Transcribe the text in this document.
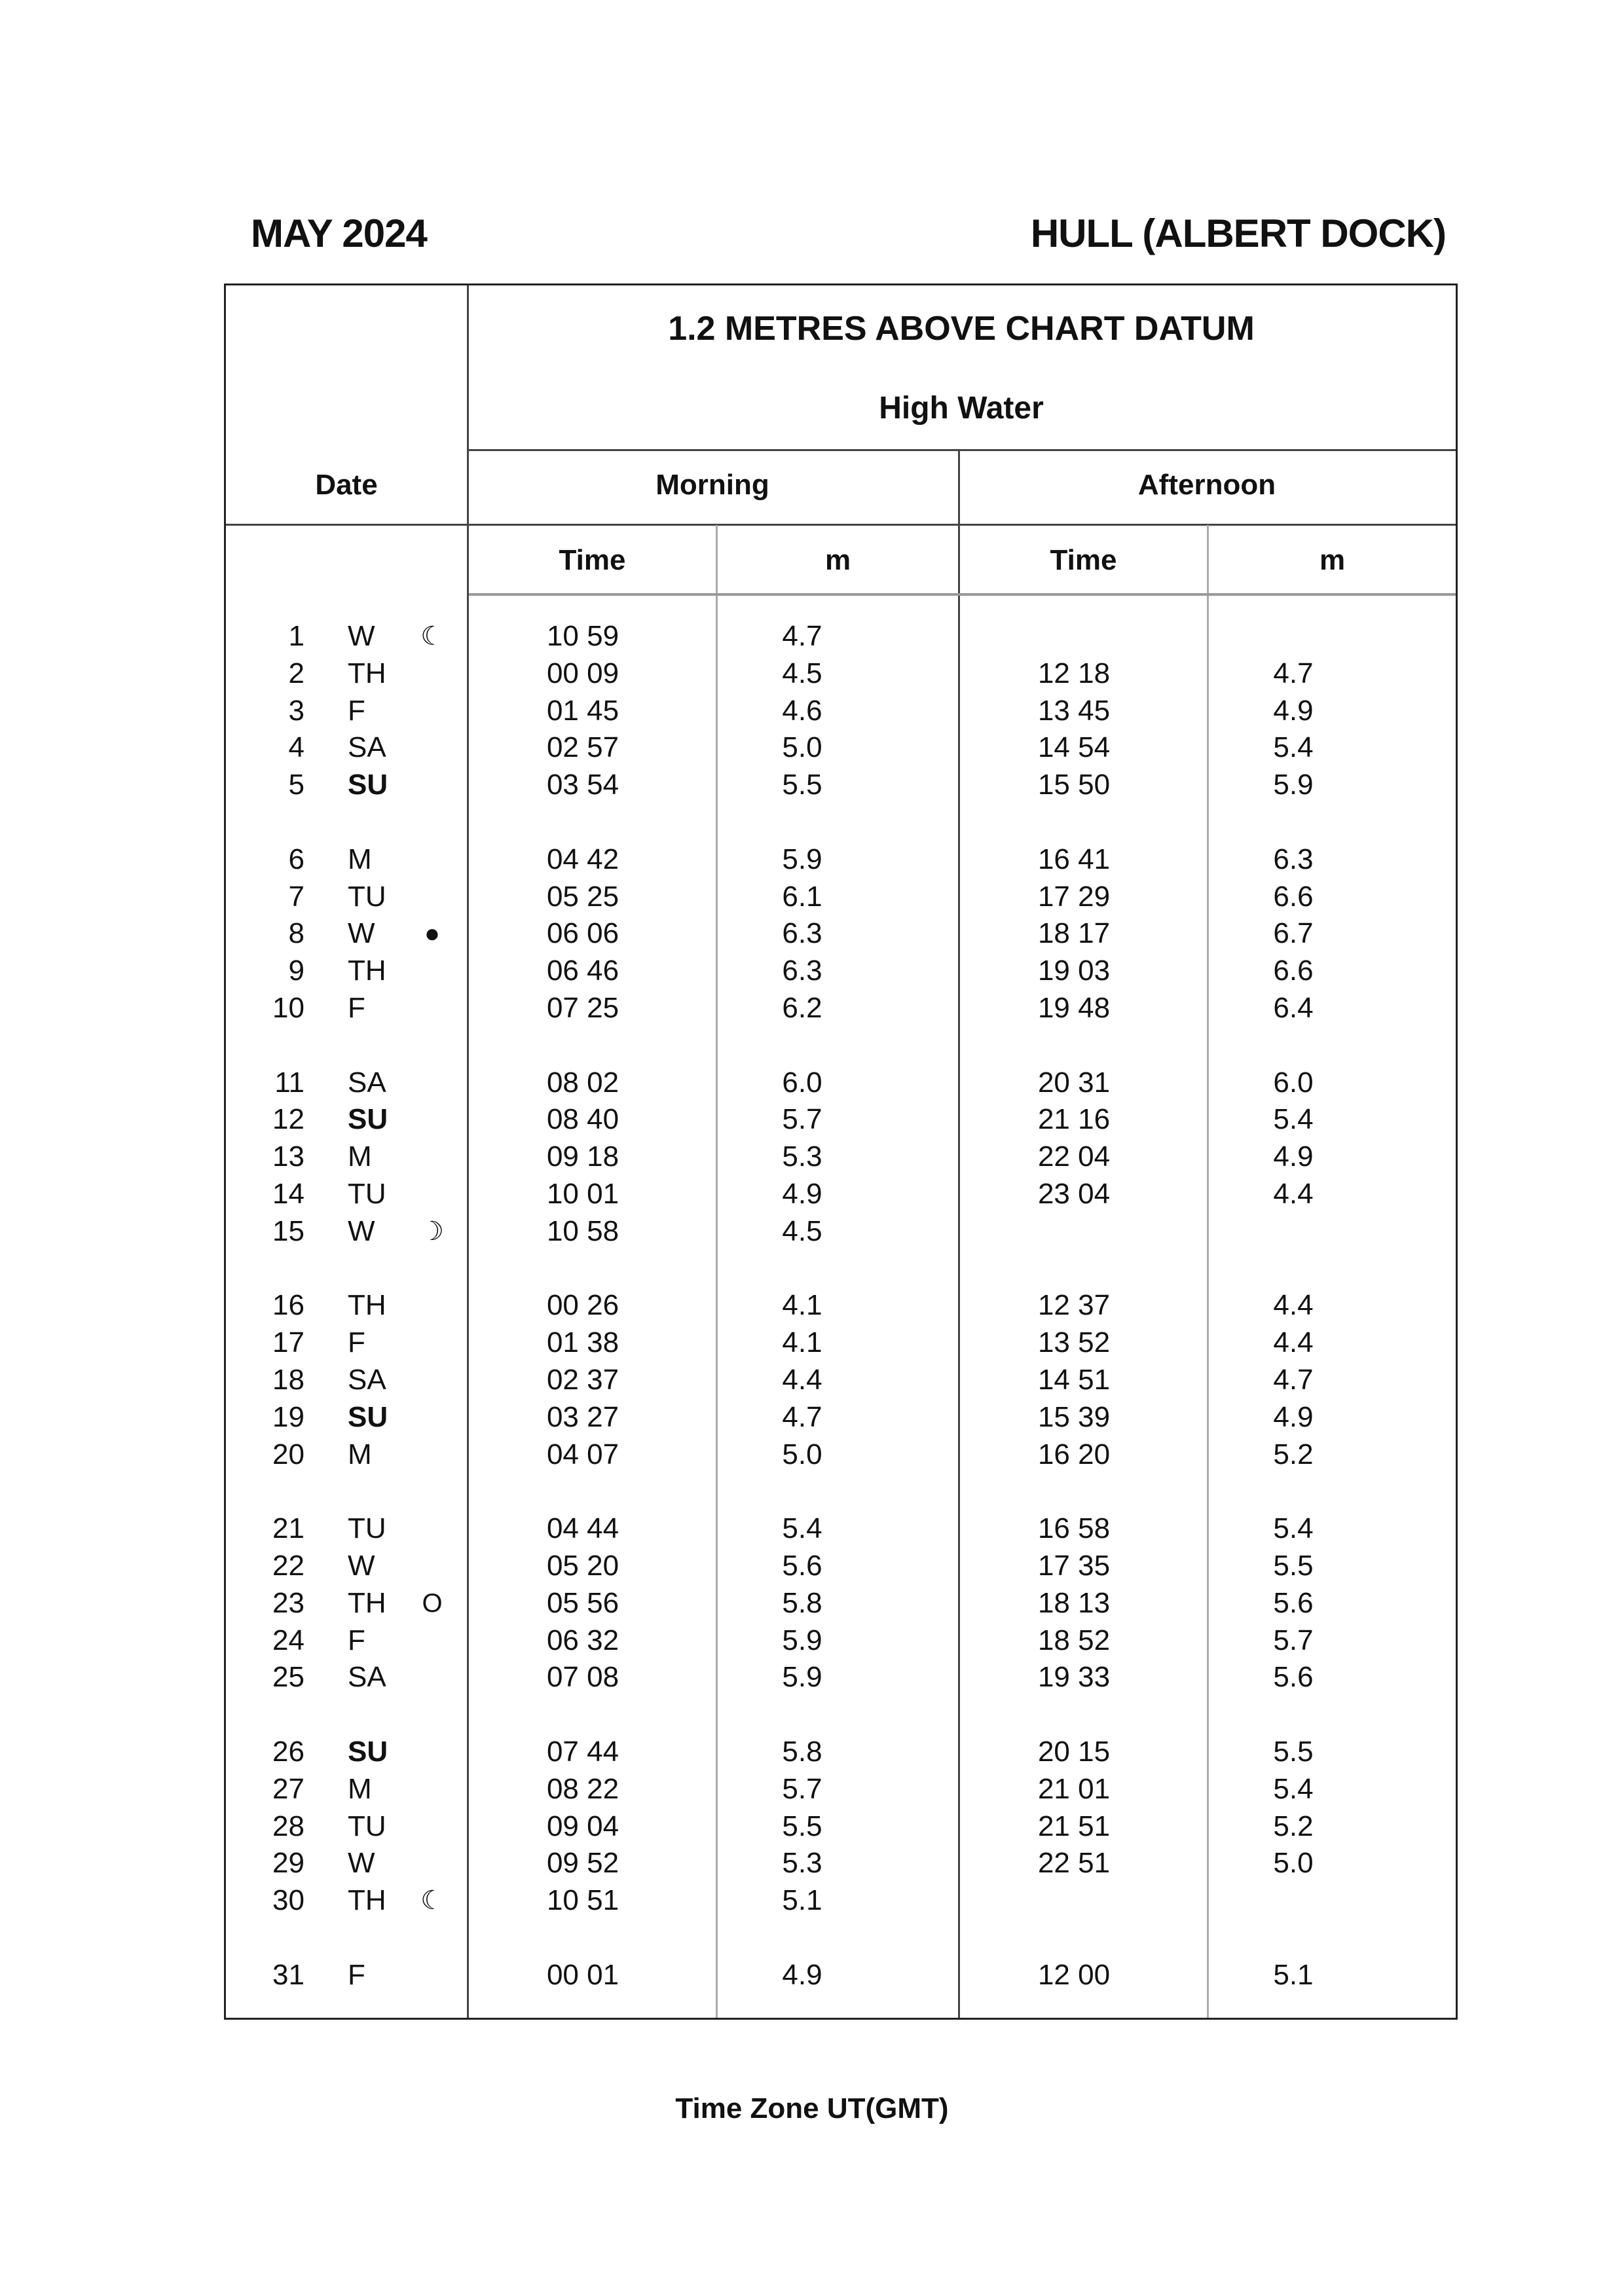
MAY 2024	HULL (ALBERT DOCK)
1.2 METRES ABOVE CHART DATUM
High Water
Date	Morning	Afternoon
Time	m	Time	m
1 W ☾	10 59	4.7
2 TH	00 09	4.5	12 18	4.7
3 F	01 45	4.6	13 45	4.9
4 SA	02 57	5.0	14 54	5.4
5 SU	03 54	5.5	15 50	5.9
6 M	04 42	5.9	16 41	6.3
7 TU	05 25	6.1	17 29	6.6
8 W	●	06 06	6.3	18 17	6.7
9 TH	06 46	6.3	19 03	6.6
10 F	07 25	6.2	19 48	6.4
11 SA	08 02	6.0	20 31	6.0
12 SU	08 40	5.7	21 16	5.4
13 M	09 18	5.3	22 04	4.9
14 TU	10 01	4.9	23 04	4.4
15 W ☽	10 58	4.5
16 TH	00 26	4.1	12 37	4.4
17 F	01 38	4.1	13 52	4.4
18 SA	02 37	4.4	14 51	4.7
19 SU	03 27	4.7	15 39	4.9
20 M	04 07	5.0	16 20	5.2
21 TU	04 44	5.4	16 58	5.4
22 W	05 20	5.6	17 35	5.5
23 TH O	05 56	5.8	18 13	5.6
24 F	06 32	5.9	18 52	5.7
25 SA	07 08	5.9	19 33	5.6
26 SU	07 44	5.8	20 15	5.5
27 M	08 22	5.7	21 01	5.4
28 TU	09 04	5.5	21 51	5.2
29 W	09 52	5.3	22 51	5.0
30 TH ☾	10 51	5.1
31 F	00 01	4.9	12 00	5.1
Time Zone UT(GMT)
